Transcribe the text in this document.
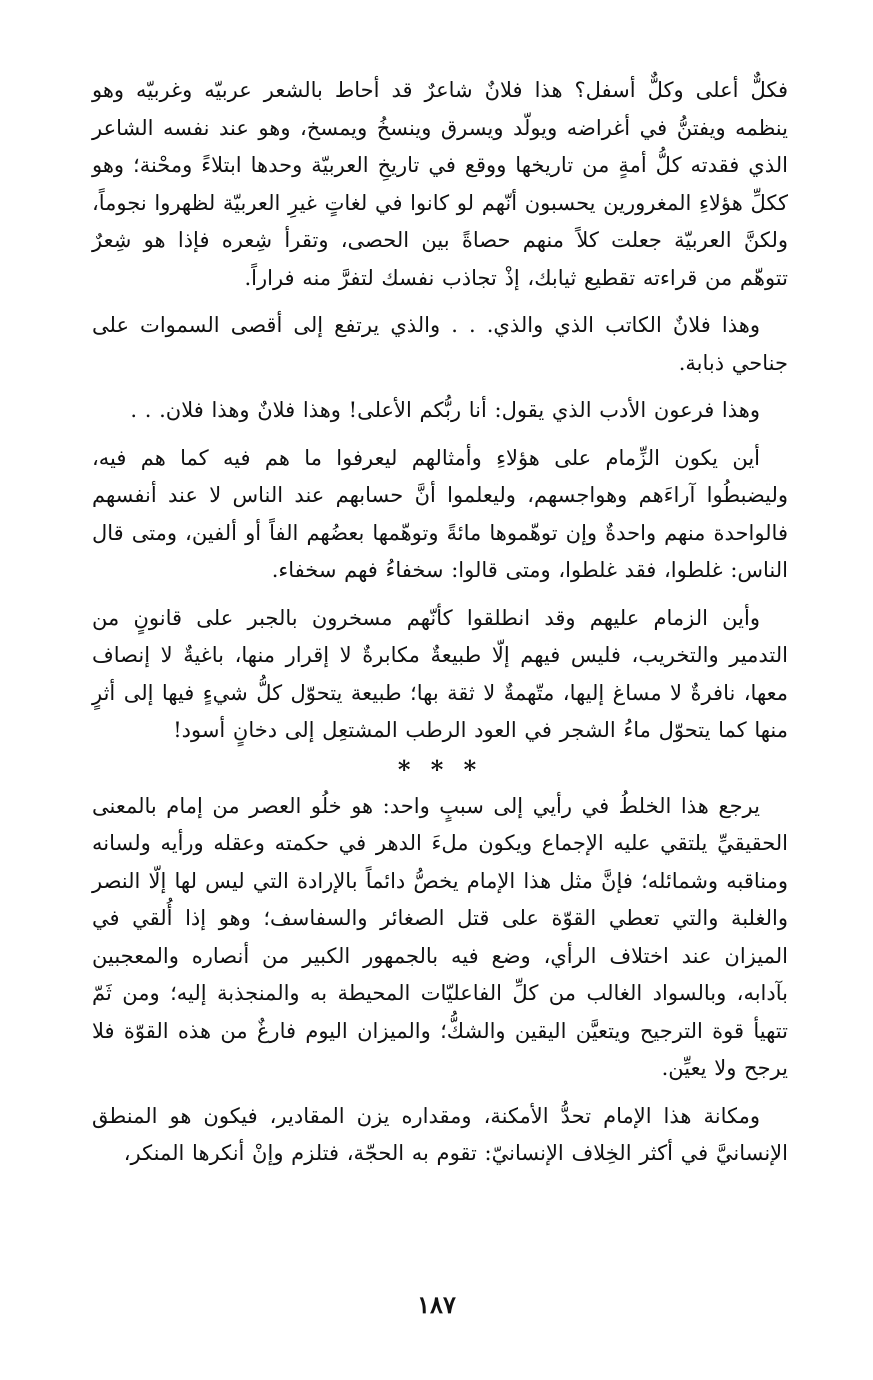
فكلٌّ أعلى وكلٌّ أسفل؟ هذا فلانٌ شاعرٌ قد أحاط بالشعر عربيّه وغربيّه وهو ينظمه ويفتنُّ في أغراضه ويولّد ويسرق وينسخُ ويمسخ، وهو عند نفسه الشاعر الذي فقدته كلُّ أمةٍ من تاريخها ووقع في تاريخِ العربيّة وحدها ابتلاءً ومحْنة؛ وهو ككلِّ هؤلاءِ المغرورين يحسبون أنّهم لو كانوا في لغاتٍ غيرِ العربيّة لظهروا نجوماً، ولكنَّ العربيّة جعلت كلاً منهم حصاةً بين الحصى، وتقرأ شِعره فإذا هو شِعرٌ تتوهّم من قراءته تقطيع ثيابك، إذْ تجاذب نفسك لتفرَّ منه فراراً.

وهذا فلانٌ الكاتب الذي والذي. . . والذي يرتفع إلى أقصى السموات على جناحي ذبابة.

وهذا فرعون الأدب الذي يقول: أنا ربُّكم الأعلى! وهذا فلانٌ وهذا فلان. . .

أين يكون الزِّمام على هؤلاءِ وأمثالهم ليعرفوا ما هم فيه كما هم فيه، وليضبطُوا آراءَهم وهواجسهم، وليعلموا أنَّ حسابهم عند الناس لا عند أنفسهم فالواحدة منهم واحدةٌ وإن توهّموها مائةً وتوهّمها بعضُهم الفاً أو ألفين، ومتى قال الناس: غلطوا، فقد غلطوا، ومتى قالوا: سخفاءُ فهم سخفاء.

وأين الزمام عليهم وقد انطلقوا كأنّهم مسخرون بالجبر على قانونٍ من التدمير والتخريب، فليس فيهم إلّا طبيعةٌ مكابرةٌ لا إقرار منها، باغيةٌ لا إنصاف معها، نافرةٌ لا مساغ إليها، متّهمةٌ لا ثقة بها؛ طبيعة يتحوّل كلُّ شيءٍ فيها إلى أثرٍ منها كما يتحوّل ماءُ الشجر في العود الرطب المشتعِل إلى دخانٍ أسود!

* * *

يرجع هذا الخلطُ في رأيي إلى سببٍ واحد: هو خلُو العصر من إمام بالمعنى الحقيقيِّ يلتقي عليه الإجماع ويكون ملءَ الدهر في حكمته وعقله ورأيه ولسانه ومناقبه وشمائله؛ فإنَّ مثل هذا الإمام يخصُّ دائماً بالإرادة التي ليس لها إلّا النصر والغلبة والتي تعطي القوّة على قتل الصغائر والسفاسف؛ وهو إذا أُلقي في الميزان عند اختلاف الرأي، وضع فيه بالجمهور الكبير من أنصاره والمعجبين بآدابه، وبالسواد الغالب من كلِّ الفاعليّات المحيطة به والمنجذبة إليه؛ ومن ثَمّ تتهيأ قوة الترجيح ويتعيَّن اليقين والشكُّ؛ والميزان اليوم فارغٌ من هذه القوّة فلا يرجح ولا يعيِّن.

ومكانة هذا الإمام تحدُّ الأمكنة، ومقداره يزن المقادير، فيكون هو المنطق الإنسانيَّ في أكثر الخِلاف الإنسانيّ: تقوم به الحجّة، فتلزم وإنْ أنكرها المنكر،

١٨٧
